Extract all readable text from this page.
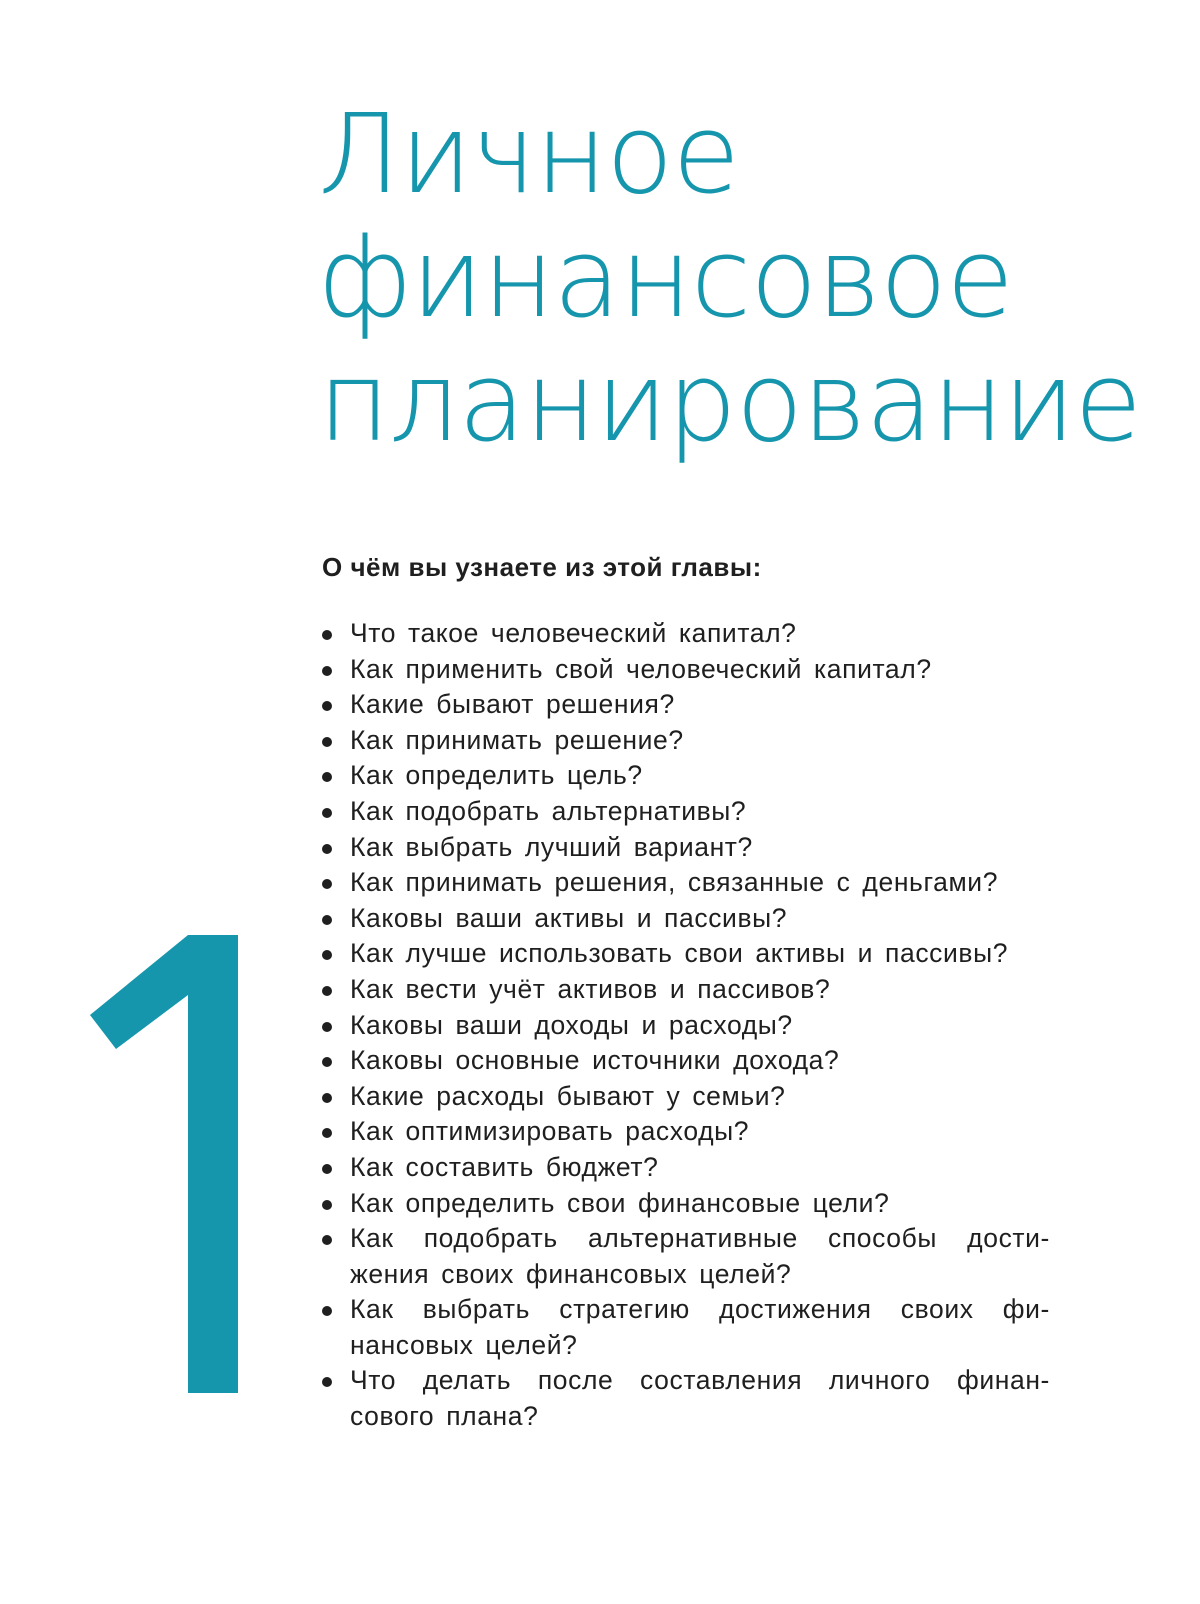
Личное
финансовое
планирование
О чём вы узнаете из этой главы:
Что такое человеческий капитал?
Как применить свой человеческий капитал?
Какие бывают решения?
Как принимать решение?
Как определить цель?
Как подобрать альтернативы?
Как выбрать лучший вариант?
Как принимать решения, связанные с деньгами?
Каковы ваши активы и пассивы?
Как лучше использовать свои активы и пассивы?
Как вести учёт активов и пассивов?
Каковы ваши доходы и расходы?
Каковы основные источники дохода?
Какие расходы бывают у семьи?
Как оптимизировать расходы?
Как составить бюджет?
Как определить свои финансовые цели?
Как подобрать альтернативные способы дости-жения своих финансовых целей?
Как выбрать стратегию достижения своих фи-нансовых целей?
Что делать после составления личного финан-сового плана?
